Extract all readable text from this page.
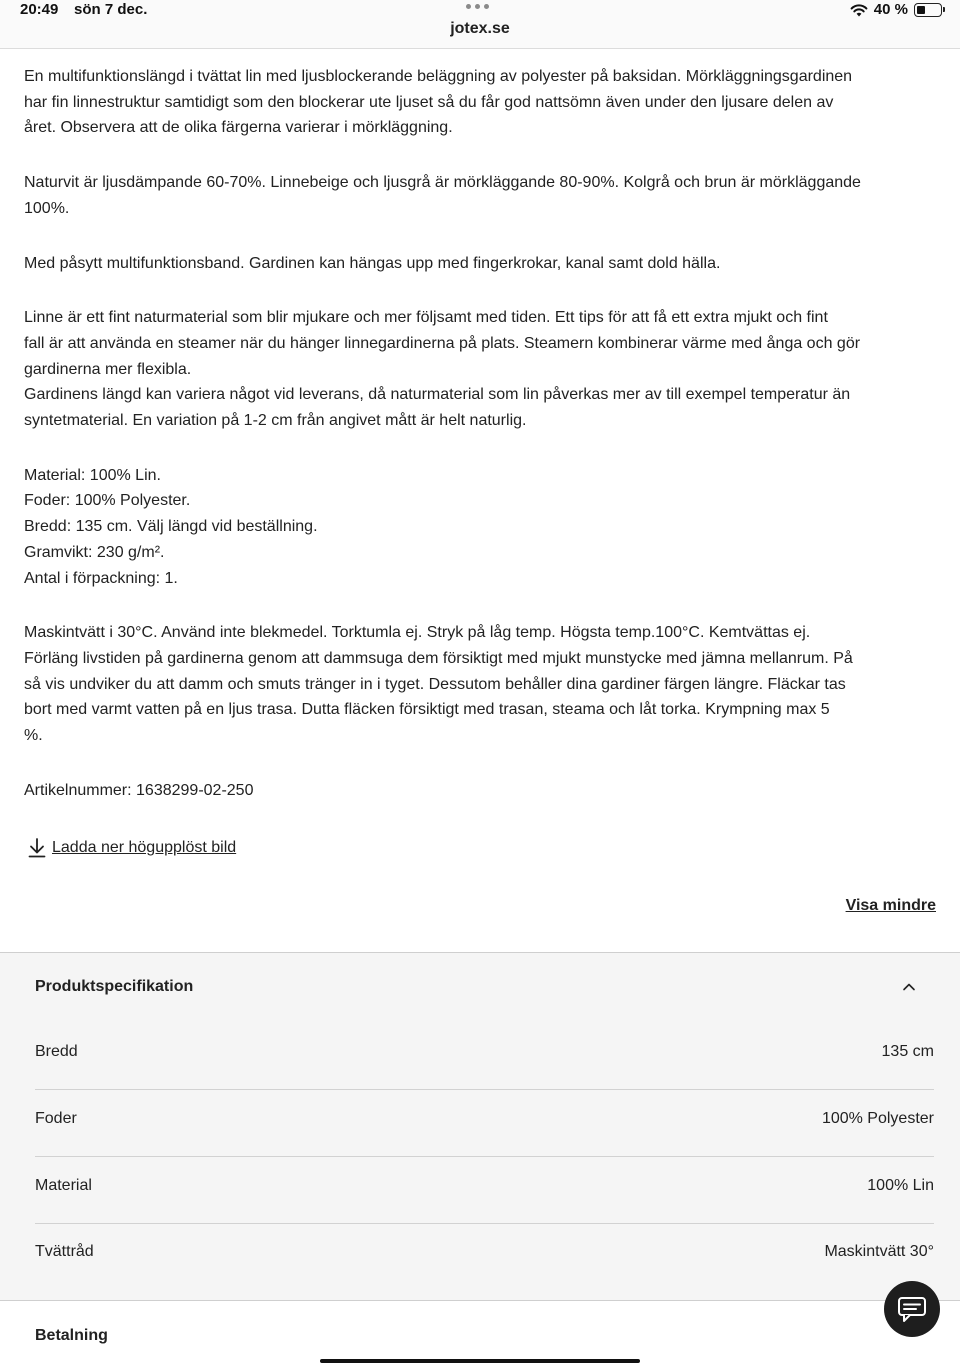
20:49 sön 7 dec.
jotex.se
40 %

En multifunktionslängd i tvättat lin med ljusblockerande beläggning av polyester på baksidan. Mörkläggningsgardinen
har fin linnestruktur samtidigt som den blockerar ute ljuset så du får god nattsömn även under den ljusare delen av
året. Observera att de olika färgerna varierar i mörkläggning.

Naturvit är ljusdämpande 60-70%. Linnebeige och ljusgrå är mörkläggande 80-90%. Kolgrå och brun är mörkläggande
100%.

Med påsytt multifunktionsband. Gardinen kan hängas upp med fingerkrokar, kanal samt dold hälla.

Linne är ett fint naturmaterial som blir mjukare och mer följsamt med tiden. Ett tips för att få ett extra mjukt och fint
fall är att använda en steamer när du hänger linnegardinerna på plats. Steamern kombinerar värme med ånga och gör
gardinerna mer flexibla.
Gardinens längd kan variera något vid leverans, då naturmaterial som lin påverkas mer av till exempel temperatur än
syntetmaterial. En variation på 1-2 cm från angivet mått är helt naturlig.

Material: 100% Lin.
Foder: 100% Polyester.
Bredd: 135 cm. Välj längd vid beställning.
Gramvikt: 230 g/m².
Antal i förpackning: 1.

Maskintvätt i 30°C. Använd inte blekmedel. Torktumla ej. Stryk på låg temp. Högsta temp.100°C. Kemtvättas ej.
Förläng livstiden på gardinerna genom att dammsuga dem försiktigt med mjukt munstycke med jämna mellanrum. På
så vis undviker du att damm och smuts tränger in i tyget. Dessutom behåller dina gardiner färgen längre. Fläckar tas
bort med varmt vatten på en ljus trasa. Dutta fläcken försiktigt med trasan, steama och låt torka. Krympning max 5
%.

Artikelnummer: 1638299-02-250

Ladda ner högupplöst bild
Visa mindre
Produktspecifikation
Bredd	135 cm
Foder	100% Polyester
Material	100% Lin
Tvättråd	Maskintvätt 30°
Betalning
